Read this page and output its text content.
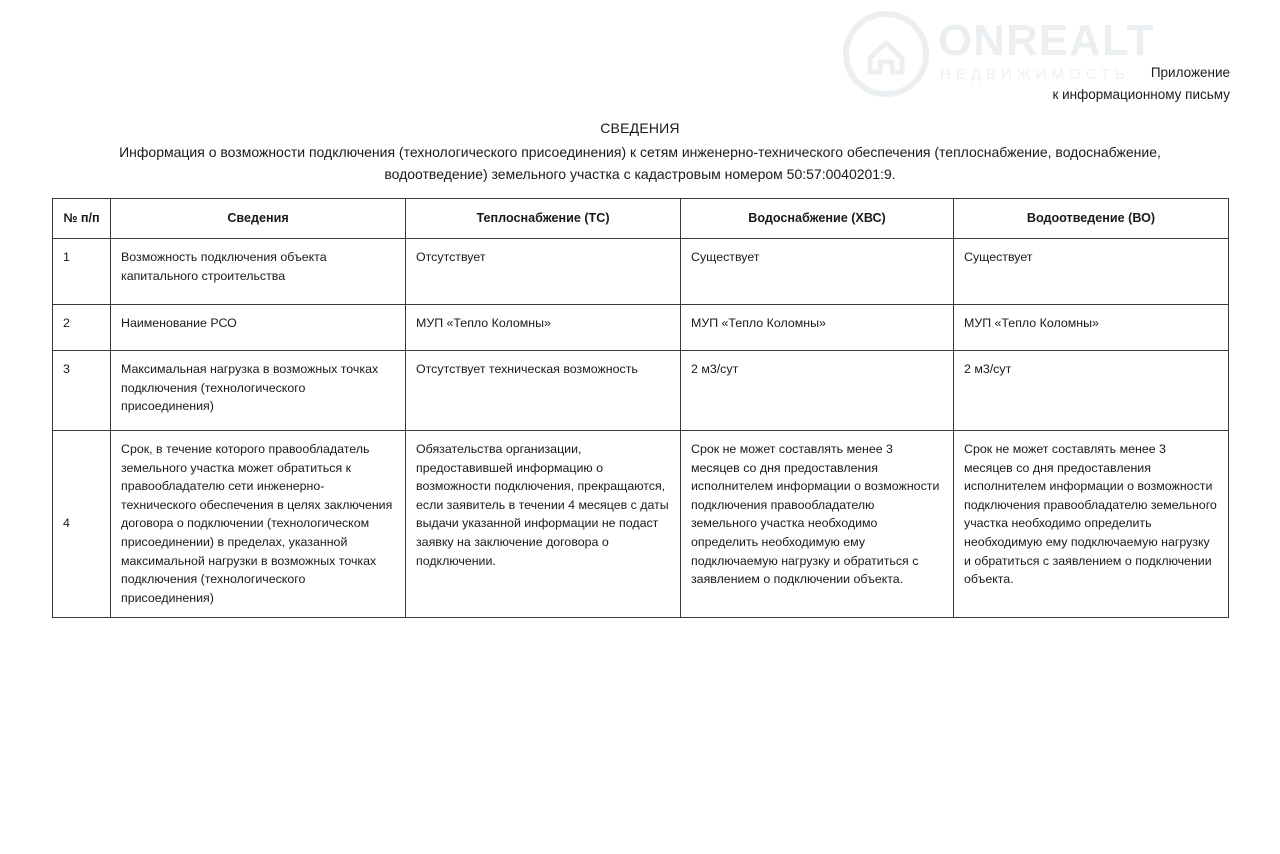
ONREALT
НЕДВИЖИМОСТЬ	Приложение
к информационному письму
СВЕДЕНИЯ
Информация о возможности подключения (технологического присоединения) к сетям инженерно-технического обеспечения (теплоснабжение, водоснабжение, водоотведение) земельного участка с кадастровым номером 50:57:0040201:9.
№ п/п	Сведения	Теплоснабжение (ТС)	Водоснабжение (ХВС)	Водоотведение (ВО)
1	Возможность подключения объекта капитального строительства	Отсутствует	Существует	Существует
2	Наименование РСО	МУП «Тепло Коломны»	МУП «Тепло Коломны»	МУП «Тепло Коломны»
3	Максимальная нагрузка в возможных точках подключения (технологического присоединения)	Отсутствует техническая возможность	2 м3/сут	2 м3/сут
4	Срок, в течение которого правообладатель земельного участка может обратиться к правообладателю сети инженерно-технического обеспечения в целях заключения договора о подключении (технологическом присоединении) в пределах, указанной максимальной нагрузки в возможных точках подключения (технологического присоединения)	Обязательства организации, предоставившей информацию о возможности подключения, прекращаются, если заявитель в течении 4 месяцев с даты выдачи указанной информации не подаст заявку на заключение договора о подключении.	Срок не может составлять менее 3 месяцев со дня предоставления исполнителем информации о возможности подключения правообладателю земельного участка необходимо определить необходимую ему подключаемую нагрузку и обратиться с заявлением о подключении объекта.	Срок не может составлять менее 3 месяцев со дня предоставления исполнителем информации о возможности подключения правообладателю земельного участка необходимо определить необходимую ему подключаемую нагрузку и обратиться с заявлением о подключении объекта.
